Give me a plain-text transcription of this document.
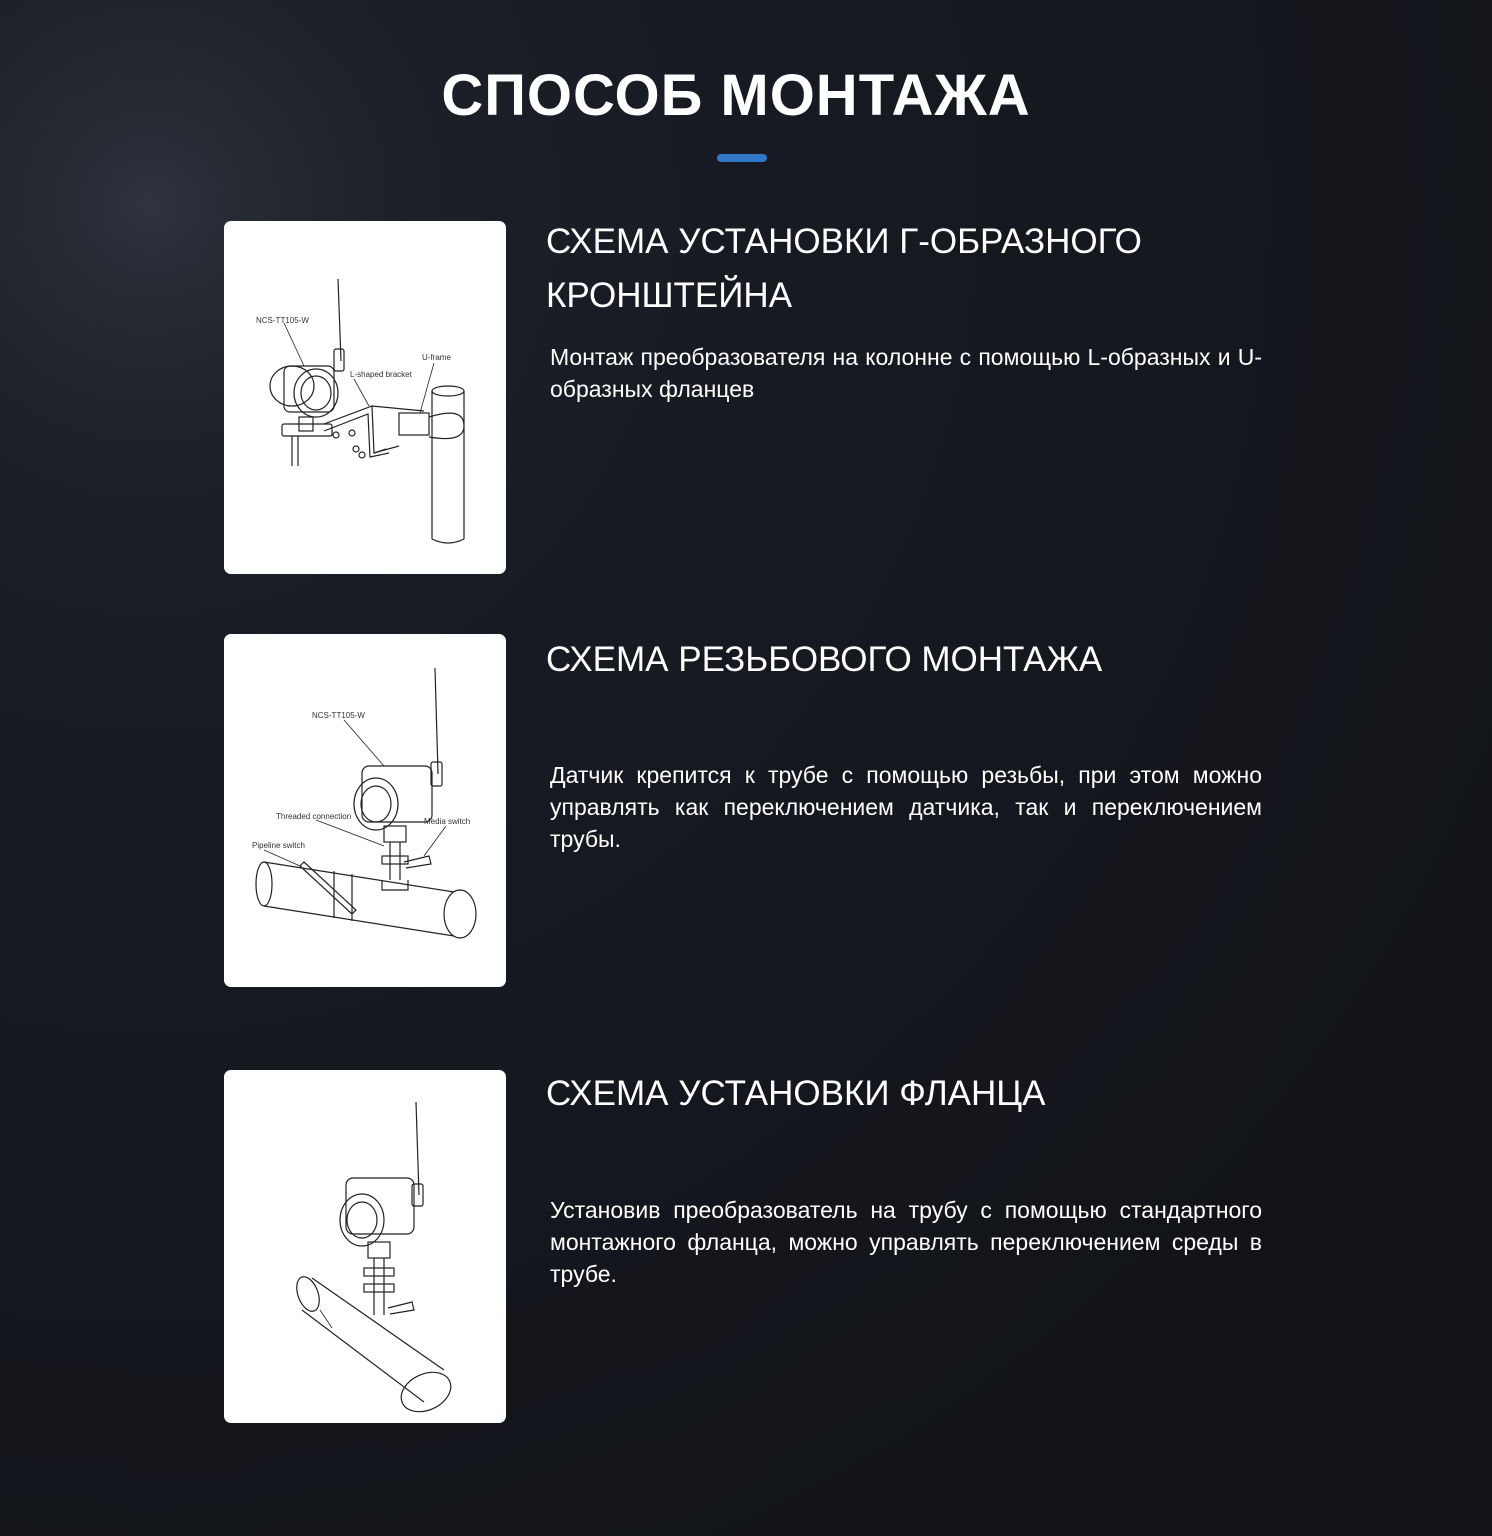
СПОСОБ МОНТАЖА
NCS-TT105-W
L-shaped bracket
U-frame
СХЕМА УСТАНОВКИ Г-ОБРАЗНОГО КРОНШТЕЙНА
Монтаж преобразователя на колонне с помощью L-образных и U-образных фланцев
NCS-TT105-W
Threaded connection
Media switch
Pipeline switch
СХЕМА РЕЗЬБОВОГО МОНТАЖА
Датчик крепится к трубе с помощью резьбы, при этом можно управлять как переключением датчика, так и переключением трубы.
СХЕМА УСТАНОВКИ ФЛАНЦА
Установив преобразователь на трубу с помощью стандартного монтажного фланца, можно управлять переключением среды в трубе.
